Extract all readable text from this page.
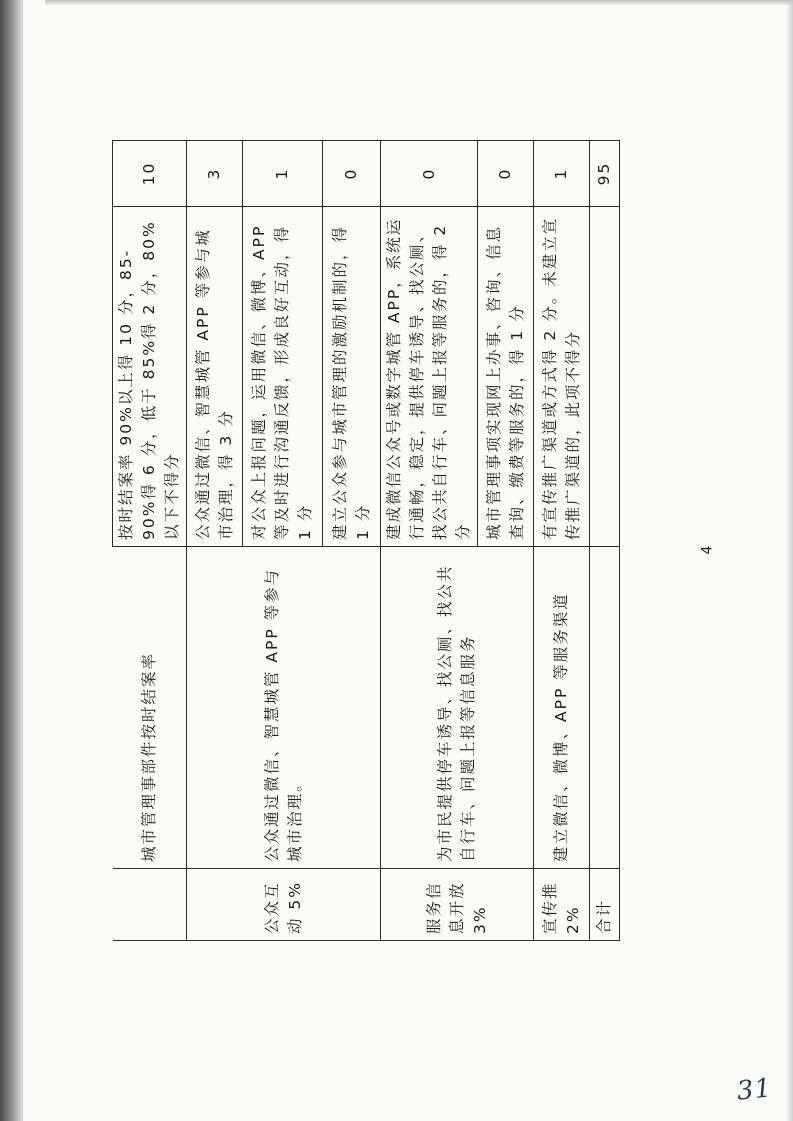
	城市管理事部件按时结案率	按时结案率 90%以上得 10 分，85-90%得 6 分，低于 85%得 2 分，80%以下不得分	10
公众互动 5%	公众通过微信、智慧城管 APP 等参与城市治理。	公众通过微信、智慧城管 APP 等参与城市治理，得 3 分	3
		对公众上报问题，运用微信、微博、APP 等及时进行沟通反馈，形成良好互动，得 1 分	1
		建立公众参与城市管理的激励机制的，得 1 分	0
服务信息开放 3%	为市民提供停车诱导、找公厕、找公共自行车、问题上报等信息服务	建成微信公众号或数字城管 APP，系统运行通畅，稳定，提供停车诱导、找公厕、找公共自行车、问题上报等服务的，得 2 分	0
		城市管理事项实现网上办事、咨询、信息查询、缴费等服务的，得 1 分	0
宣传推 2%	建立微信、微博、APP 等服务渠道	有宣传推广渠道或方式得 2 分。未建立宣传推广渠道的，此项不得分	1
合计			95
4
31
